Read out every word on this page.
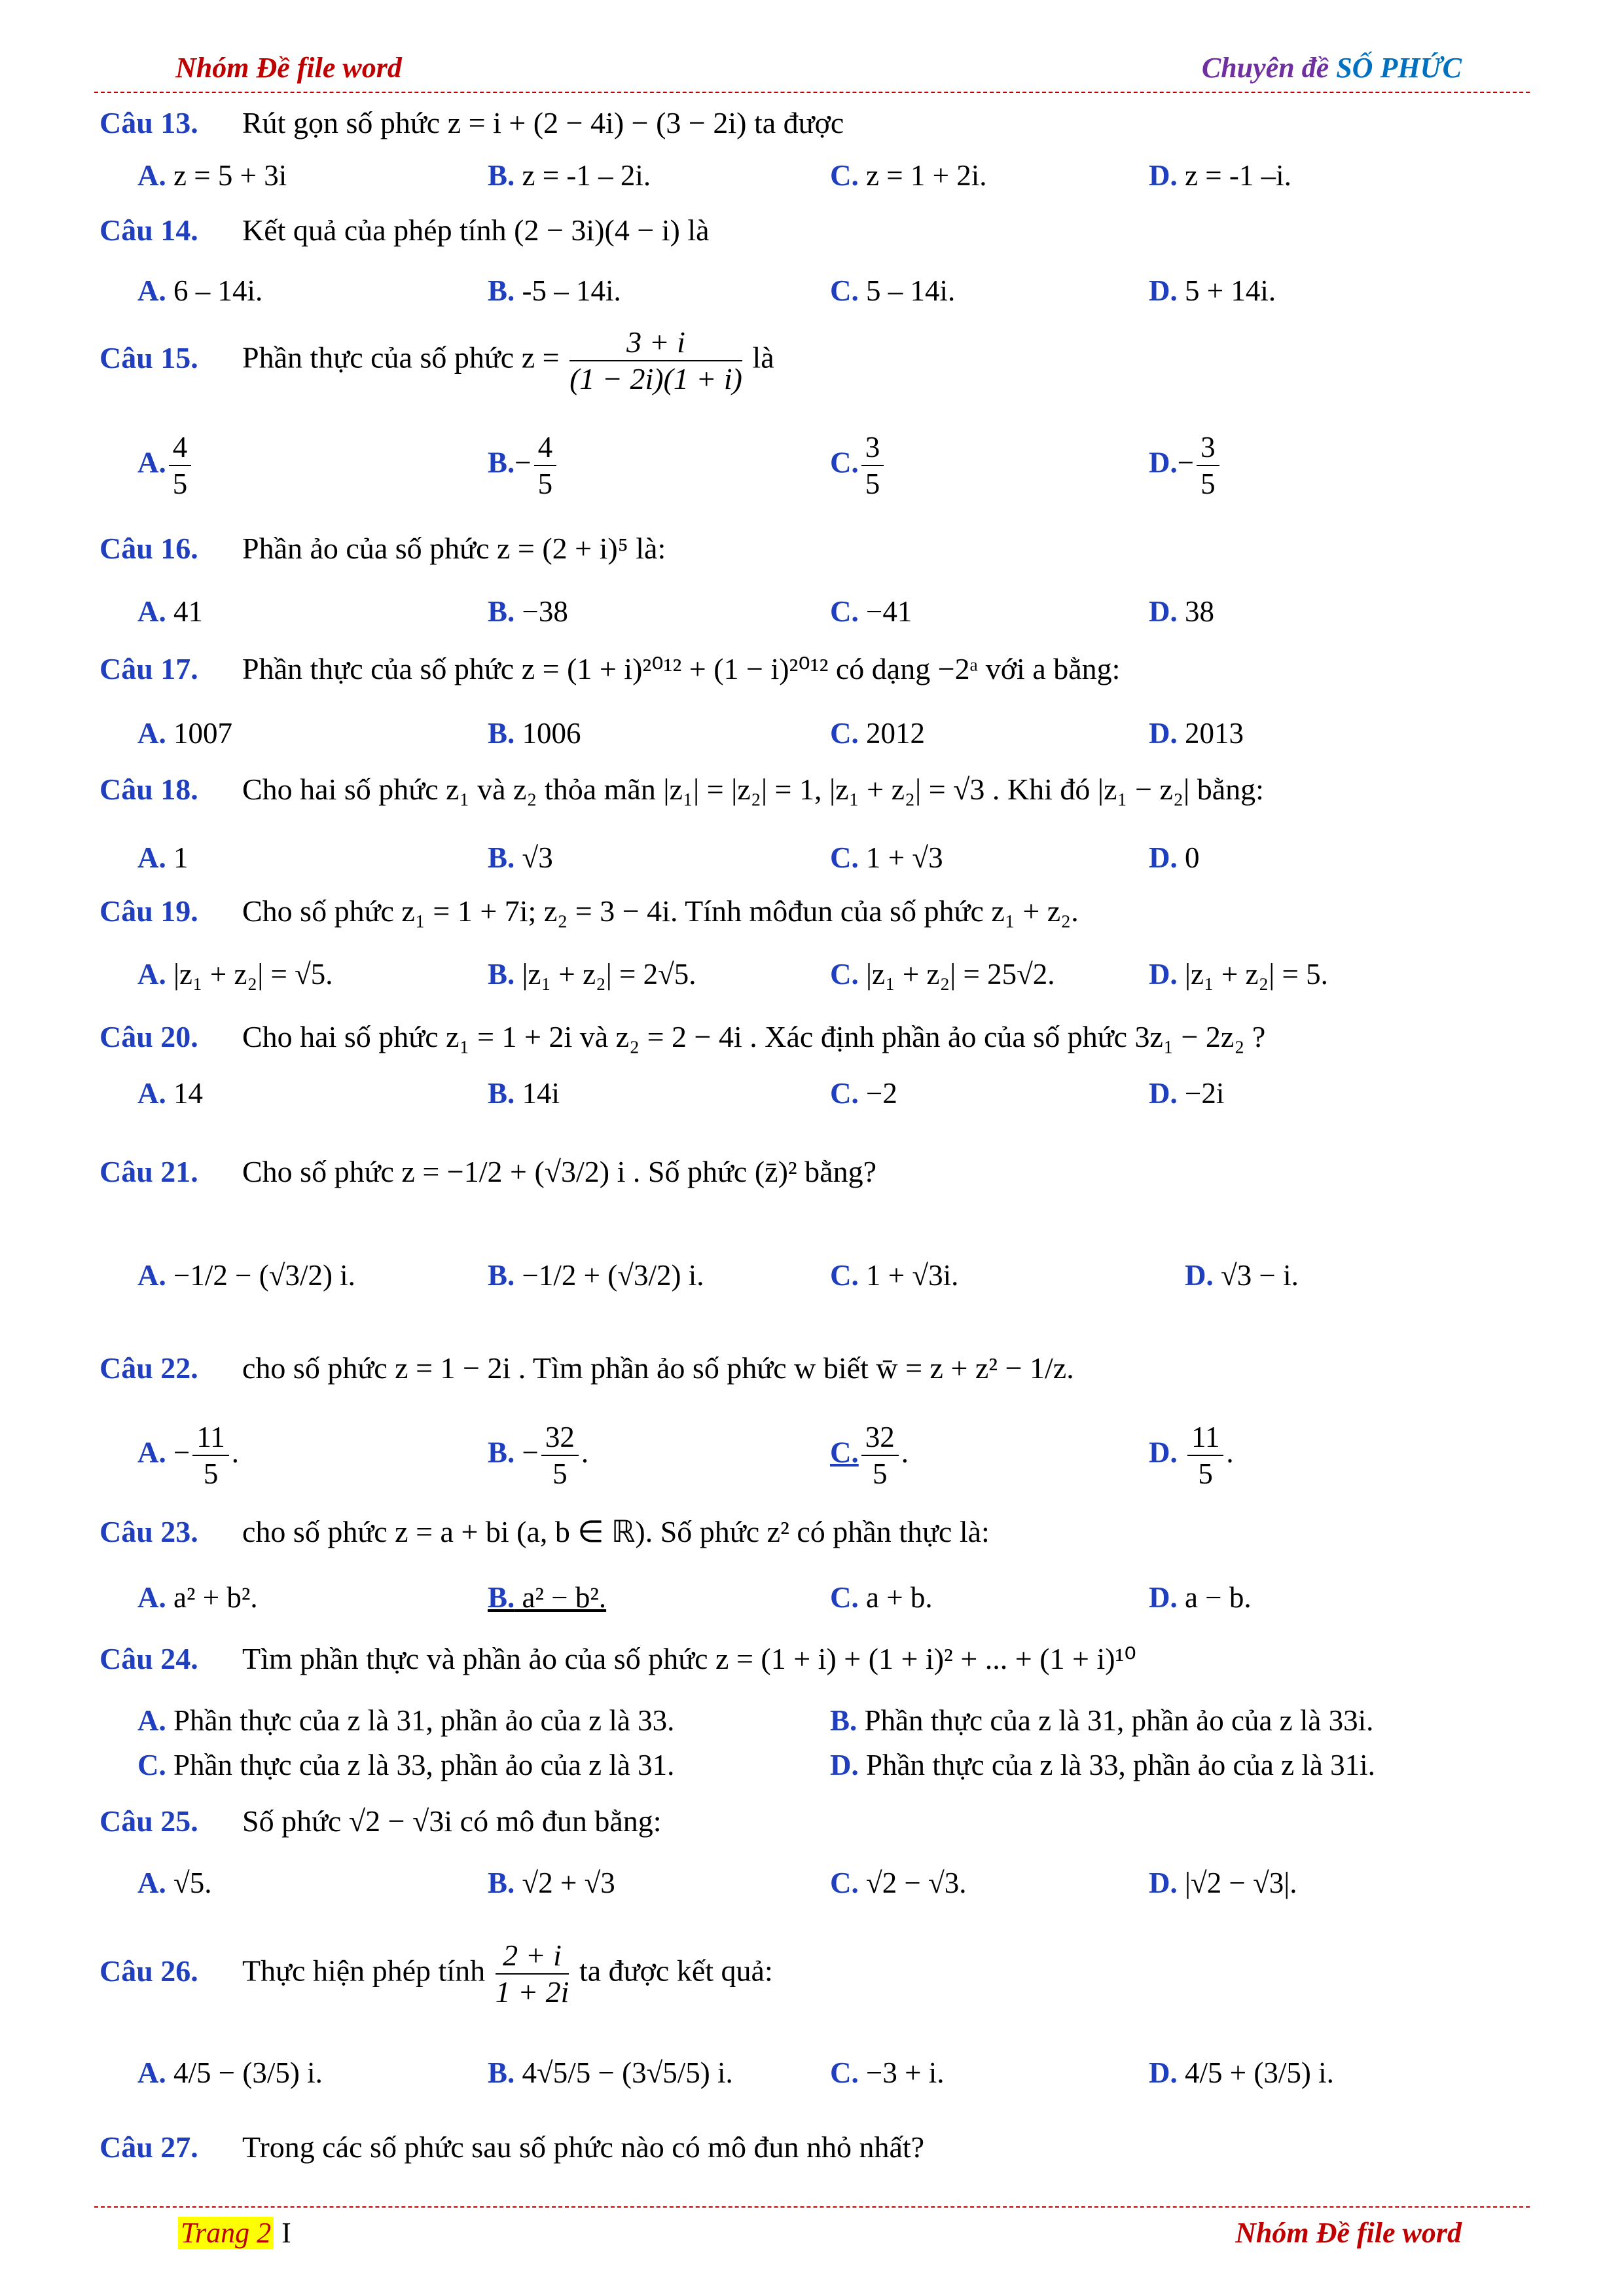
Nhóm Đề file word	Chuyên đề SỐ PHỨC
Câu 13. Rút gọn số phức z = i + (2 − 4i) − (3 − 2i) ta được
A. z = 5 + 3i	B. z = -1 – 2i.	C. z = 1 + 2i.	D. z = -1 –i.
Câu 14. Kết quả của phép tính (2 − 3i)(4 − i) là
A. 6 – 14i.	B. -5 – 14i.	C. 5 – 14i.	D. 5 + 14i.
Câu 15. Phần thực của số phức $z = \frac{3 + i}{(1 - 2i)(1 + i)}$ là
A. $\frac{4}{5}$	$B.- \frac{4}{5}$	C. $\frac{3}{5}$	$D.- \frac{3}{5}$
Câu 16. Phần ảo của số phức z = (2 + i)⁵ là:
A. 41	B. −38	C. −41	D. 38
Câu 17. Phần thực của số phức z = (1 + i)²⁰¹² + (1 − i)²⁰¹² có dạng −2ᵃ với a bằng:
A. 1007	B. 1006	C. 2012	D. 2013
Câu 18. Cho hai số phức z₁ và z₂ thỏa mãn |z₁| = |z₂| = 1, |z₁ + z₂| = √3 . Khi đó |z₁ − z₂| bằng:
A. 1	B. √3	C. 1 + √3	D. 0
Câu 19. Cho số phức z₁ = 1 + 7i; z₂ = 3 − 4i. Tính môđun của số phức z₁ + z₂.
A. |z₁ + z₂| = √5.	B. |z₁ + z₂| = 2√5.	C. |z₁ + z₂| = 25√2.	D. |z₁ + z₂| = 5.
Câu 20. Cho hai số phức z₁ = 1 + 2i và z₂ = 2 − 4i . Xác định phần ảo của số phức 3z₁ − 2z₂ ?
A. 14	B. 14i	C. −2	D. −2i
Câu 21. Cho số phức z = −1/2 + (√3/2) i . Số phức (z̄)² bằng?
A. −1/2 − (√3/2) i.	B. −1/2 + (√3/2) i.	C. 1 + √3i.	D. √3 − i.
Câu 22. cho số phức z = 1 − 2i . Tìm phần ảo số phức w biết w̄ = z + z² − 1/z.
A. − $\frac{11}{5}$ .	B. − $\frac{32}{5}$ .	C. $\frac{32}{5}$ .	D. $\frac{11}{5}$ .
Câu 23. cho số phức z = a + bi (a, b ∈ ℝ). Số phức z² có phần thực là:
A. a² + b².	B. a² − b².	C. a + b.	D. a − b.
Câu 24. Tìm phần thực và phần ảo của số phức z = (1 + i) + (1 + i)² + ... + (1 + i)¹⁰
A. Phần thực của z là 31, phần ảo của z là 33.	B. Phần thực của z là 31, phần ảo của z là 33i.
C. Phần thực của z là 33, phần ảo của z là 31.	D. Phần thực của z là 33, phần ảo của z là 31i.
Câu 25. Số phức √2 − √3i có mô đun bằng:
A. √5.	B. √2 + √3	C. √2 − √3.	D. |√2 − √3|.
Câu 26. Thực hiện phép tính $\frac{2 + i}{1 + 2i}$ ta được kết quả:
A. 4/5 − (3/5) i.	B. 4√5/5 − (3√5/5) i.	C. −3 + i.	D. 4/5 + (3/5) i.
Câu 27. Trong các số phức sau số phức nào có mô đun nhỏ nhất?
Trang 2 I	Nhóm Đề file word
